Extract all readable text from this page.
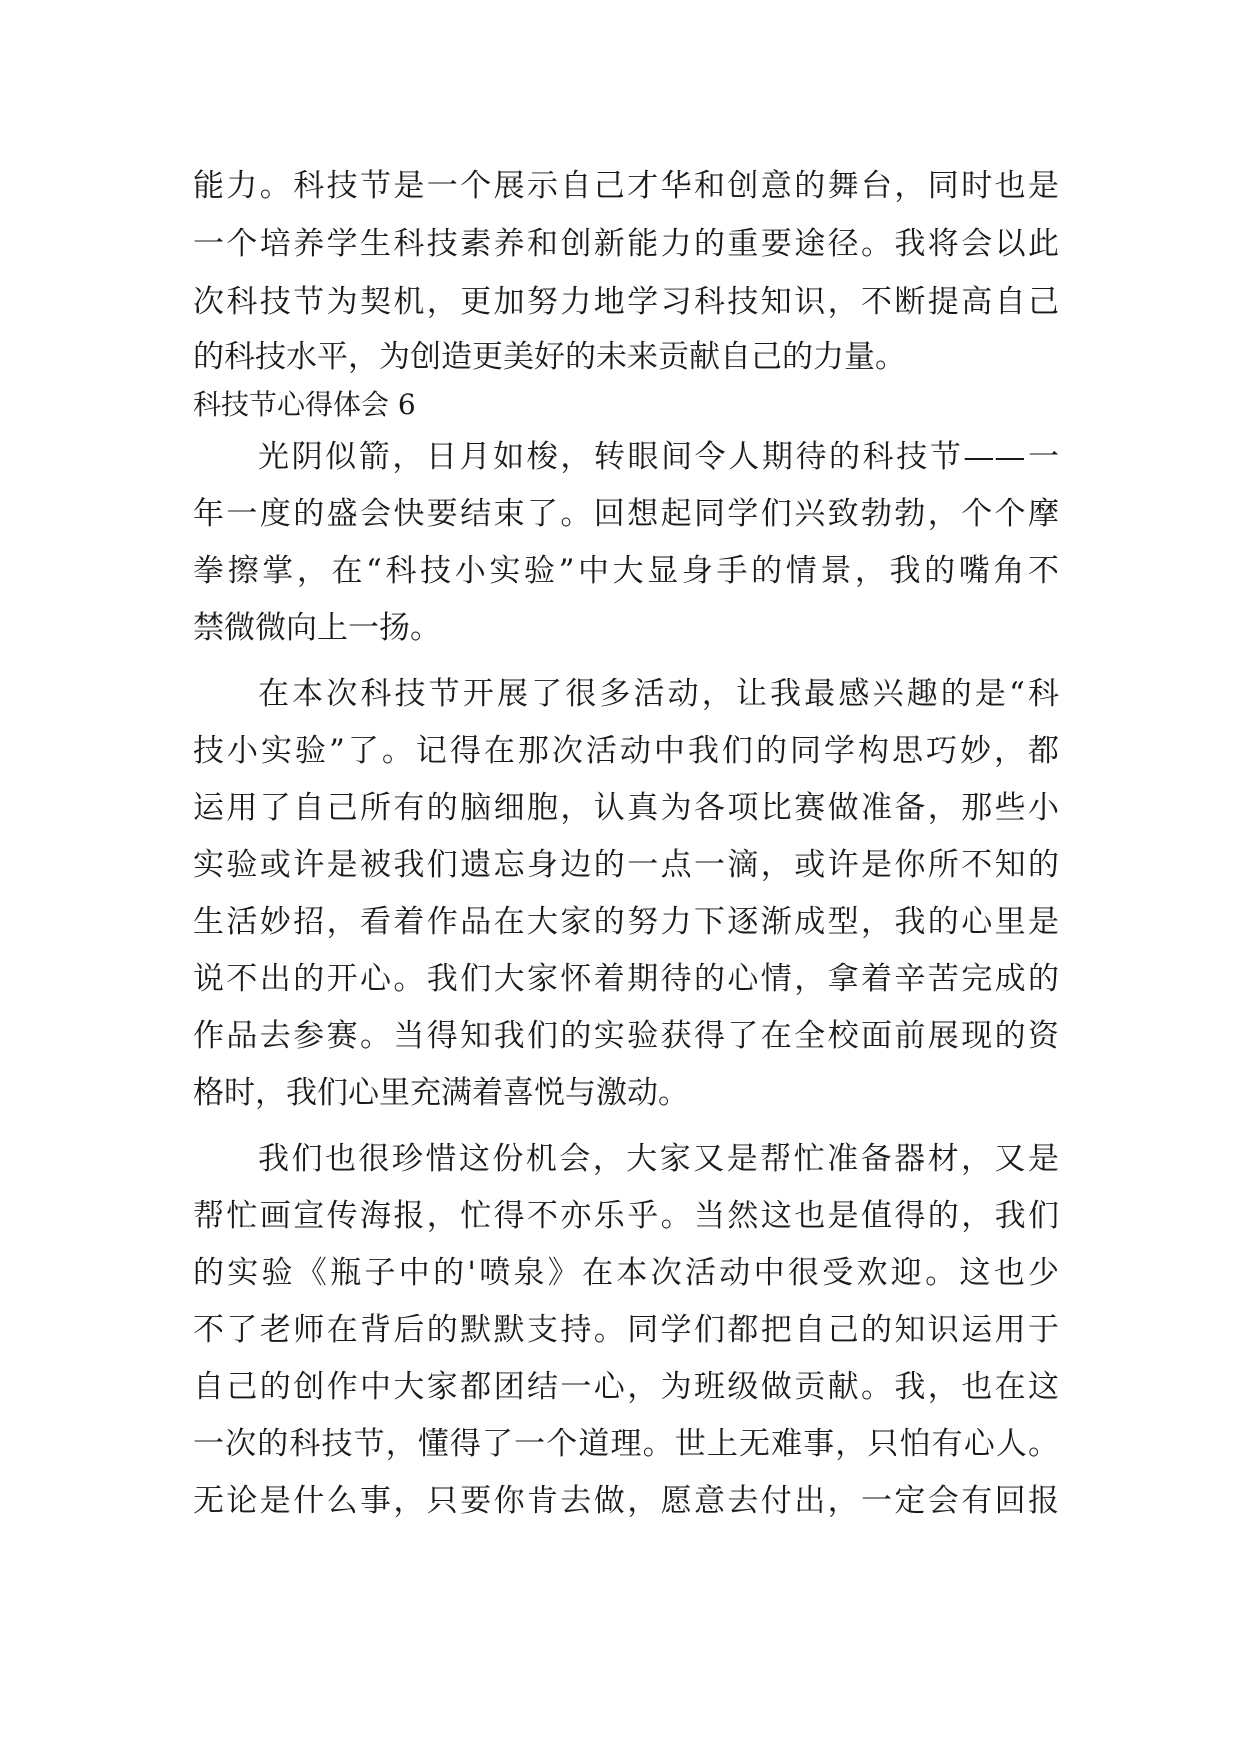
能力。科技节是一个展示自己才华和创意的舞台，同时也是
一个培养学生科技素养和创新能力的重要途径。我将会以此
次科技节为契机，更加努力地学习科技知识，不断提高自己
的科技水平，为创造更美好的未来贡献自己的力量。
科技节心得体会 6
光阴似箭，日月如梭，转眼间令人期待的科技节——一
年一度的盛会快要结束了。回想起同学们兴致勃勃，个个摩
拳擦掌，在“科技小实验”中大显身手的情景，我的嘴角不
禁微微向上一扬。
在本次科技节开展了很多活动，让我最感兴趣的是“科
技小实验”了。记得在那次活动中我们的同学构思巧妙，都
运用了自己所有的脑细胞，认真为各项比赛做准备，那些小
实验或许是被我们遗忘身边的一点一滴，或许是你所不知的
生活妙招，看着作品在大家的努力下逐渐成型，我的心里是
说不出的开心。我们大家怀着期待的心情，拿着辛苦完成的
作品去参赛。当得知我们的实验获得了在全校面前展现的资
格时，我们心里充满着喜悦与激动。
我们也很珍惜这份机会，大家又是帮忙准备器材，又是
帮忙画宣传海报，忙得不亦乐乎。当然这也是值得的，我们
的实验《瓶子中的'喷泉》在本次活动中很受欢迎。这也少
不了老师在背后的默默支持。同学们都把自己的知识运用于
自己的创作中大家都团结一心，为班级做贡献。我，也在这
一次的科技节，懂得了一个道理。世上无难事，只怕有心人。
无论是什么事，只要你肯去做，愿意去付出，一定会有回报
